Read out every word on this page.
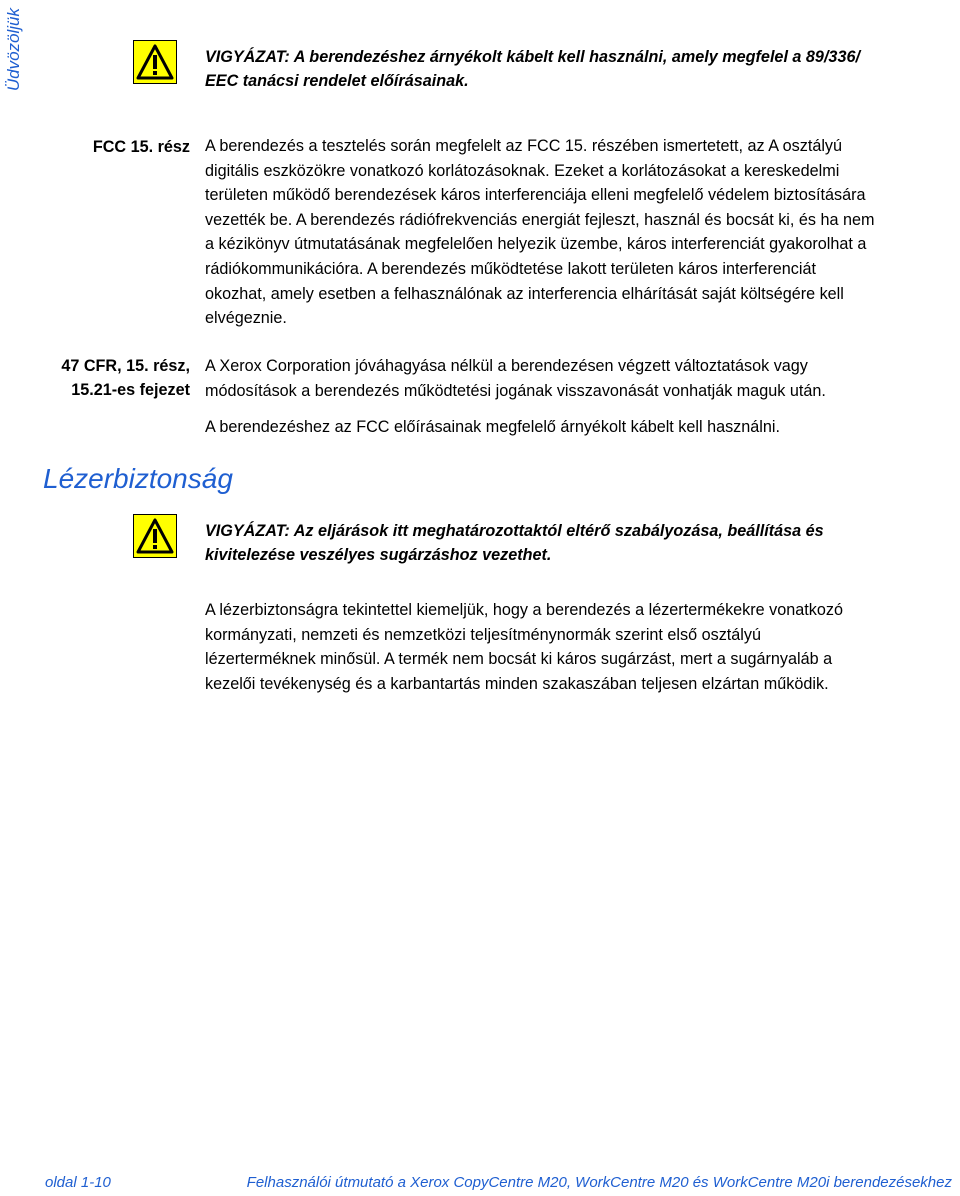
Üdvözöljük	VIGYÁZAT: A berendezéshez árnyékolt kábelt kell használni, amely megfelel a 89/336/
EEC tanácsi rendelet előírásainak.
FCC 15. rész A berendezés a tesztelés során megfelelt az FCC 15. részében ismertetett, az A osztályú
digitális eszközökre vonatkozó korlátozásoknak. Ezeket a korlátozásokat a kereskedelmi
területen működő berendezések káros interferenciája elleni megfelelő védelem biztosítására
vezették be. A berendezés rádiófrekvenciás energiát fejleszt, használ és bocsát ki, és ha nem
a kézikönyv útmutatásának megfelelően helyezik üzembe, káros interferenciát gyakorolhat a
rádiókommunikációra. A berendezés működtetése lakott területen káros interferenciát
okozhat, amely esetben a felhasználónak az interferencia elhárítását saját költségére kell
elvégeznie.
47 CFR, 15. rész,
15.21-es fejezet
A Xerox Corporation jóváhagyása nélkül a berendezésen végzett változtatások vagy
módosítások a berendezés működtetési jogának visszavonását vonhatják maguk után.
A berendezéshez az FCC előírásainak megfelelő árnyékolt kábelt kell használni.
Lézerbiztonság
VIGYÁZAT: Az eljárások itt meghatározottaktól eltérő szabályozása, beállítása és
kivitelezése veszélyes sugárzáshoz vezethet.
A lézerbiztonságra tekintettel kiemeljük, hogy a berendezés a lézertermékekre vonatkozó
kormányzati, nemzeti és nemzetközi teljesítménynormák szerint első osztályú
lézerterméknek minősül. A termék nem bocsát ki káros sugárzást, mert a sugárnyaláb a
kezelői tevékenység és a karbantartás minden szakaszában teljesen elzártan működik.
oldal 1-10	Felhasználói útmutató a Xerox CopyCentre M20, WorkCentre M20 és WorkCentre M20i berendezésekhez
